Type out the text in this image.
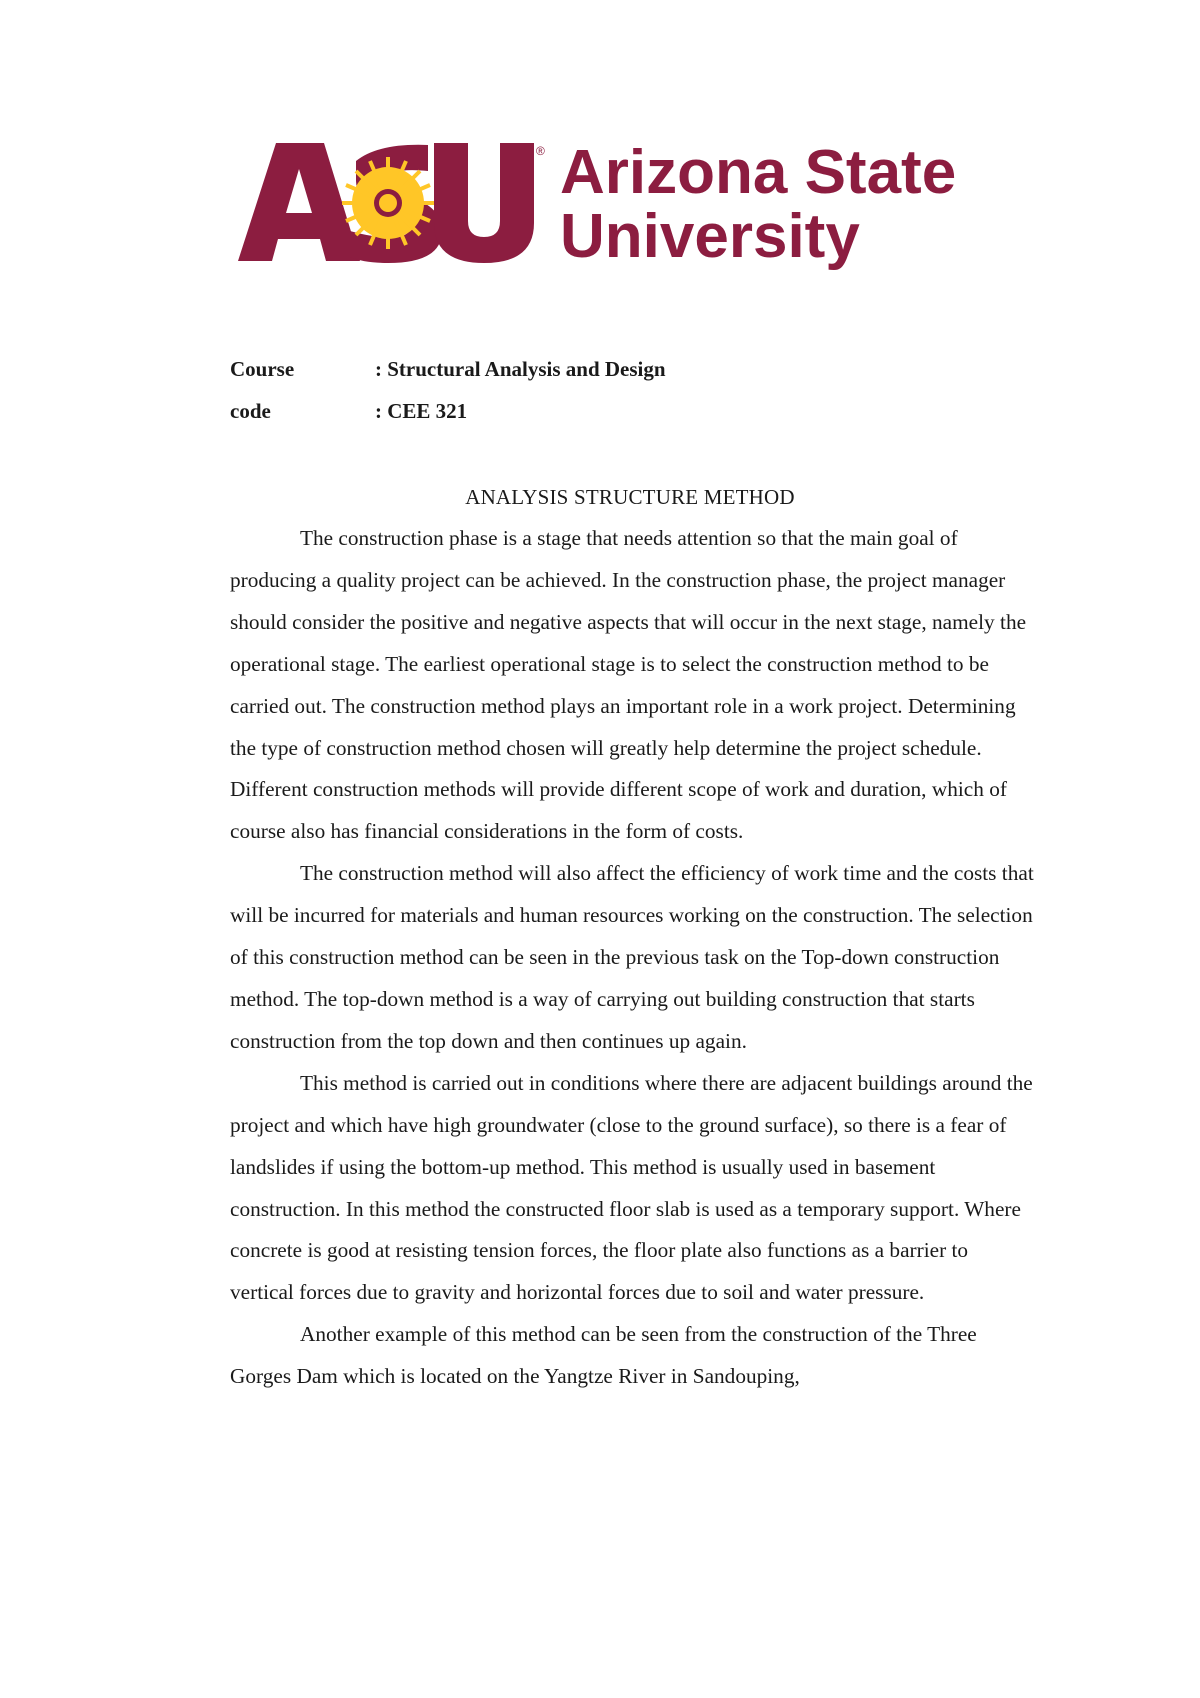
® Arizona State
University
Course	: Structural Analysis and Design
code	: CEE 321
ANALYSIS STRUCTURE METHOD

The construction phase is a stage that needs attention so that the main goal of producing a quality project can be achieved. In the construction phase, the project manager should consider the positive and negative aspects that will occur in the next stage, namely the operational stage. The earliest operational stage is to select the construction method to be carried out. The construction method plays an important role in a work project. Determining the type of construction method chosen will greatly help determine the project schedule. Different construction methods will provide different scope of work and duration, which of course also has financial considerations in the form of costs.

The construction method will also affect the efficiency of work time and the costs that will be incurred for materials and human resources working on the construction. The selection of this construction method can be seen in the previous task on the Top-down construction method. The top-down method is a way of carrying out building construction that starts construction from the top down and then continues up again.

This method is carried out in conditions where there are adjacent buildings around the project and which have high groundwater (close to the ground surface), so there is a fear of landslides if using the bottom-up method. This method is usually used in basement construction. In this method the constructed floor slab is used as a temporary support. Where concrete is good at resisting tension forces, the floor plate also functions as a barrier to vertical forces due to gravity and horizontal forces due to soil and water pressure.

Another example of this method can be seen from the construction of the Three Gorges Dam which is located on the Yangtze River in Sandouping,
